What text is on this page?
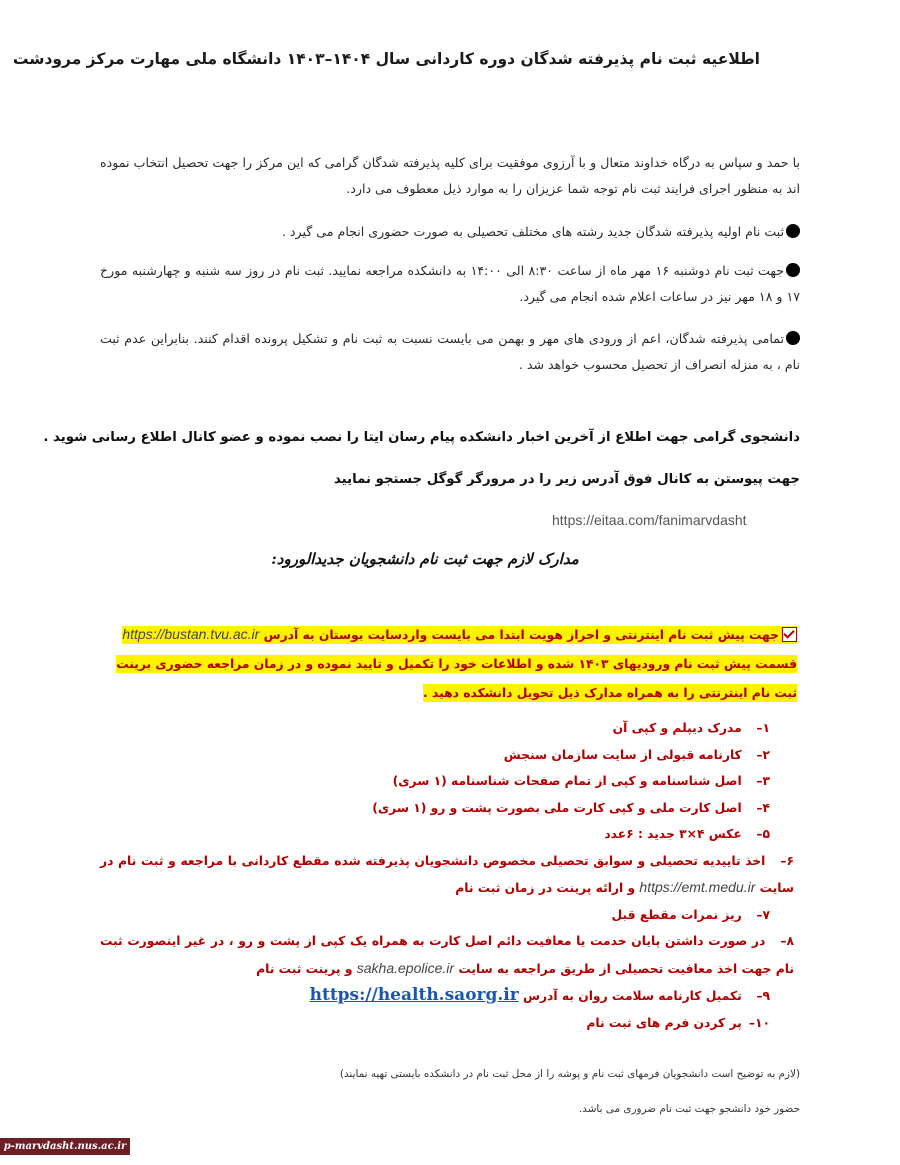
اطلاعیه ثبت نام پذیرفته شدگان دوره کاردانی سال ۱۴۰۴–۱۴۰۳ دانشگاه ملی مهارت مرکز مرودشت
با حمد و سپاس به درگاه خداوند متعال و با آرزوی موفقیت برای کلیه پذیرفته شدگان گرامی که این مرکز را جهت تحصیل انتخاب نموده اند به منظور اجرای فرایند ثبت نام توجه شما عزیزان را به موارد ذیل معطوف می دارد.
ثبت نام اولیه پذیرفته شدگان جدید رشته های مختلف تحصیلی به صورت حضوری انجام می گیرد .
جهت ثبت نام دوشنبه ۱۶ مهر ماه از ساعت ۸:۳۰ الی ۱۴:۰۰ به دانشکده مراجعه نمایید. ثبت نام در روز سه شنبه و چهارشنبه مورخ ۱۷ و ۱۸ مهر نیز در ساعات اعلام شده انجام می گیرد.
تمامی پذیرفته شدگان، اعم از ورودی های مهر و بهمن می بایست نسبت به ثبت نام و تشکیل پرونده اقدام کنند. بنابراین عدم ثبت نام ، به منزله انصراف از تحصیل محسوب خواهد شد .
دانشجوی گرامی جهت اطلاع از آخرین اخبار دانشکده پیام رسان ایتا را نصب نموده و عضو کانال اطلاع رسانی شوید .
جهت پیوستن به کانال فوق آدرس زیر را در مرورگر گوگل جستجو نمایید
https://eitaa.com/fanimarvdasht
مدارک لازم جهت ثبت نام دانشجویان جدیدالورود:
جهت پیش ثبت نام اینترنتی و احراز هویت ابتدا می بایست واردسایت بوستان به آدرس https://bustan.tvu.ac.ir قسمت پیش ثبت نام ورودیهای ۱۴۰۳ شده و اطلاعات خود را تکمیل و تایید نموده و در زمان مراجعه حضوری برینت ثبت نام اینترنتی را به همراه مدارک ذیل تحویل دانشکده دهید .
۱– مدرک دیپلم و کپی آن
۲– کارنامه قبولی از سایت سازمان سنجش
۳– اصل شناسنامه و کپی از تمام صفحات شناسنامه (۱ سری)
۴– اصل کارت ملی و کپی کارت ملی بصورت پشت و رو (۱ سری)
۵– عکس ۴×۳ جدید : ۶عدد
۶– اخذ تاییدیه تحصیلی و سوابق تحصیلی مخصوص دانشجویان پذیرفته شده مقطع کاردانی با مراجعه و ثبت نام در سایت https://emt.medu.ir و ارائه پرینت در زمان ثبت نام
۷– ریز نمرات مقطع قبل
۸– در صورت داشتن پایان خدمت یا معافیت دائم اصل کارت به همراه یک کپی از پشت و رو ، در غیر اینصورت ثبت نام جهت اخذ معافیت تحصیلی از طریق مراجعه به سایت sakha.epolice.ir و پرینت ثبت نام
۹– تکمیل کارنامه سلامت روان به آدرس https://health.saorg.ir
۱۰– پر کردن فرم های ثبت نام
(لازم به توضیح است دانشجویان فرمهای ثبت نام و پوشه را از محل ثبت نام در دانشکده بایستی تهیه نمایند)
حضور خود دانشجو جهت ثبت نام ضروری می باشد.
p-marvdasht.nus.ac.ir
